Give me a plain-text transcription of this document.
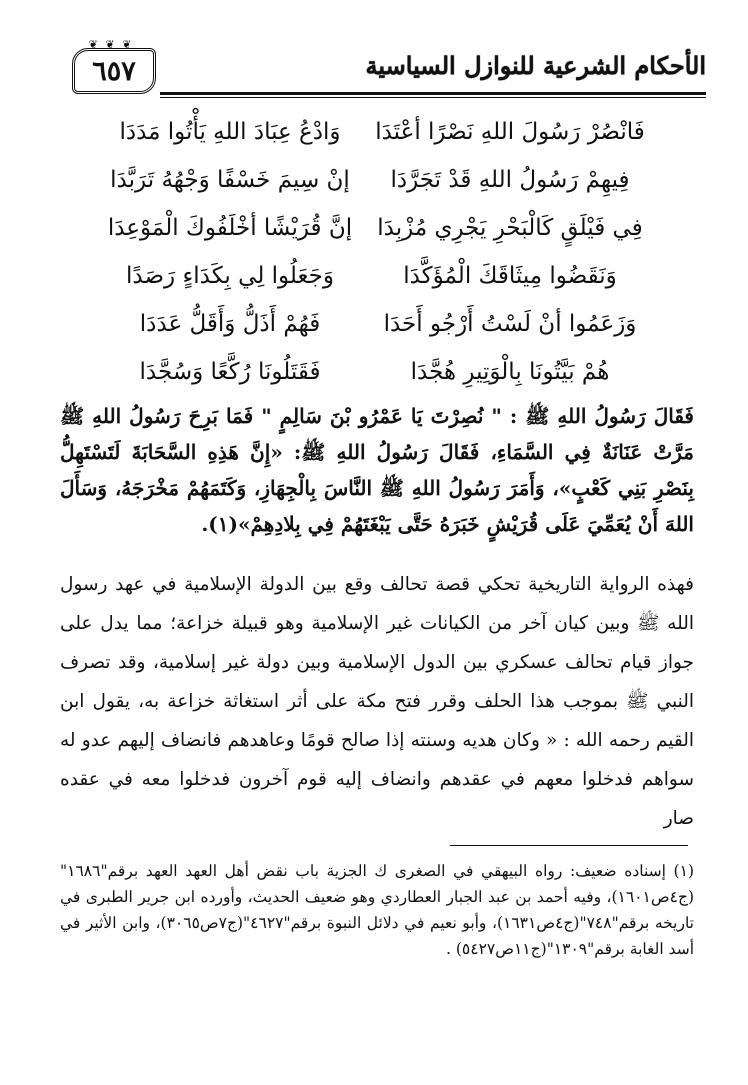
❦ ❦ ❦
٦٥٧	الأحكام الشرعية للنوازل السياسية
فَانْصُرْ رَسُولَ اللهِ نَصْرًا أعْتَدَا
وَادْعُ عِبَادَ اللهِ يَأْتُوا مَدَدَا
فِيهِمْ رَسُولُ اللهِ قَدْ تَجَرَّدَا
إنْ سِيمَ خَسْفًا وَجْهُهُ تَرَبَّدَا
فِي فَيْلَقٍ كَالْبَحْرِ يَجْرِي مُزْبِدَا
إنَّ قُرَيْشًا أخْلَفُوكَ الْمَوْعِدَا
وَنَقَضُوا مِيثَاقَكَ الْمُؤَكَّدَا
وَجَعَلُوا لِي بِكَدَاءٍ رَصَدًا
وَزَعَمُوا أنْ لَسْتُ أَرْجُو أَحَدَا
فَهُمْ أَذَلُّ وَأَقَلُّ عَدَدَا
هُمْ بَيَّتُونَا بِالْوَتِيرِ هُجَّدَا
فَقَتَلُونَا رُكَّعًا وَسُجَّدَا
فَقَالَ رَسُولُ اللهِ ﷺ : " نُصِرْتَ يَا عَمْرُو بْنَ سَالِمٍ " فَمَا بَرِحَ رَسُولُ اللهِ ﷺ مَرَّتْ عَنَانَةٌ فِي السَّمَاءِ، فَقَالَ رَسُولُ اللهِ ﷺ: «إِنَّ هَذِهِ السَّحَابَةَ لَتَسْتَهِلُّ بِنَصْرِ بَنِي كَعْبٍ»، وَأَمَرَ رَسُولُ اللهِ ﷺ النَّاسَ بِالْجِهَازِ، وَكَتَمَهُمْ مَخْرَجَهُ، وَسَأَلَ اللهَ أَنْ يُعَمِّيَ عَلَى قُرَيْشٍ خَبَرَهُ حَتَّى يَبْغَتَهُمْ فِي بِلادِهِمْ»(١).
فهذه الرواية التاريخية تحكي قصة تحالف وقع بين الدولة الإسلامية في عهد رسول الله ﷺ وبين كيان آخر من الكيانات غير الإسلامية وهو قبيلة خزاعة؛ مما يدل على جواز قيام تحالف عسكري بين الدول الإسلامية وبين دولة غير إسلامية، وقد تصرف النبي ﷺ بموجب هذا الحلف وقرر فتح مكة على أثر استغاثة خزاعة به، يقول ابن القيم رحمه الله : « وكان هديه وسنته إذا صالح قومًا وعاهدهم فانضاف إليهم عدو له سواهم فدخلوا معهم في عقدهم وانضاف إليه قوم آخرون فدخلوا معه في عقده صار
(١) إسناده ضعيف: رواه البيهقي في الصغرى ك الجزية باب نقض أهل العهد العهد برقم"١٦٨٦"(ج٤ص١٦٠١)، وفيه أحمد بن عبد الجبار العطاردي وهو ضعيف الحديث، وأورده ابن جرير الطبرى في تاريخه برقم"٧٤٨"(ج٤ص١٦٣١)، وأبو نعيم في دلائل النبوة برقم"٤٦٢٧"(ج٧ص٣٠٦٥)، وابن الأثير في أسد الغابة برقم"١٣٠٩"(ج١١ص٥٤٢٧) .
